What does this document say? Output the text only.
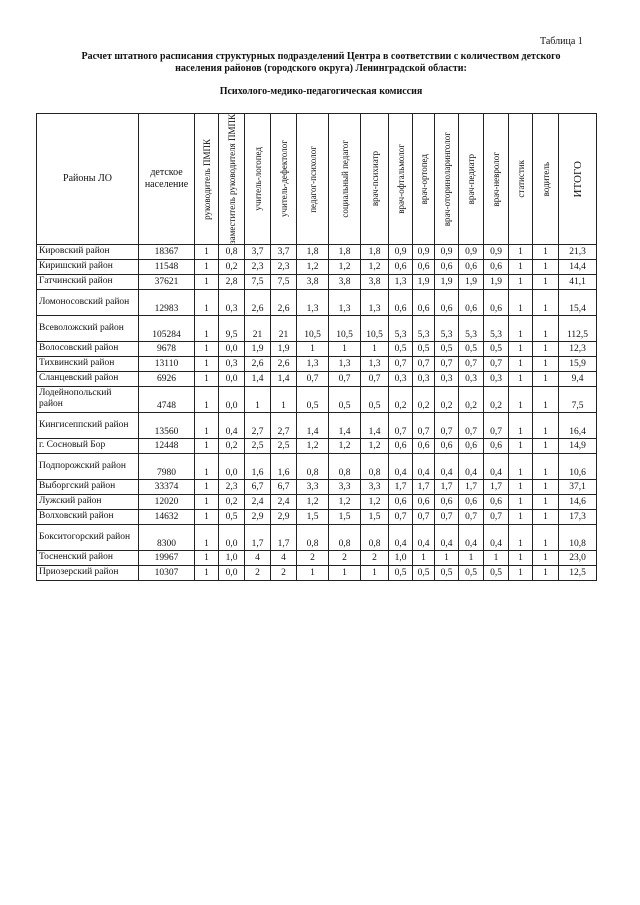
Таблица 1
Расчет штатного расписания структурных подразделений Центра в соответствии с количеством детского
населения районов (городского округа) Ленинградской области:
Психолого-медико-педагогическая комиссия
Районы ЛО	детское население	руководитель ПМПК	заместитель руководителя ПМПК	учитель-логопед	учитель-дефектолог	педагог-психолог	социальный педагог	врач-психиатр	врач-офтальмолог	врач-ортопед	врач-оториноларинголог	врач-педиатр	врач-невролог	статистик	водитель	ИТОГО

Кировский район	18367	1	0,8	3,7	3,7	1,8	1,8	1,8	0,9	0,9	0,9	0,9	0,9	1	1	21,3
Киришский район	11548	1	0,2	2,3	2,3	1,2	1,2	1,2	0,6	0,6	0,6	0,6	0,6	1	1	14,4
Гатчинский район	37621	1	2,8	7,5	7,5	3,8	3,8	3,8	1,3	1,9	1,9	1,9	1,9	1	1	41,1
Ломоносовский район	12983	1	0,3	2,6	2,6	1,3	1,3	1,3	0,6	0,6	0,6	0,6	0,6	1	1	15,4
Всеволожский район	105284	1	9,5	21	21	10,5	10,5	10,5	5,3	5,3	5,3	5,3	5,3	1	1	112,5
Волосовский район	9678	1	0,0	1,9	1,9	1	1	1	0,5	0,5	0,5	0,5	0,5	1	1	12,3
Тихвинский район	13110	1	0,3	2,6	2,6	1,3	1,3	1,3	0,7	0,7	0,7	0,7	0,7	1	1	15,9
Сланцевский район	6926	1	0,0	1,4	1,4	0,7	0,7	0,7	0,3	0,3	0,3	0,3	0,3	1	1	9,4
Лодейнопольский район	4748	1	0,0	1	1	0,5	0,5	0,5	0,2	0,2	0,2	0,2	0,2	1	1	7,5
Кингисеппский район	13560	1	0,4	2,7	2,7	1,4	1,4	1,4	0,7	0,7	0,7	0,7	0,7	1	1	16,4
г. Сосновый Бор	12448	1	0,2	2,5	2,5	1,2	1,2	1,2	0,6	0,6	0,6	0,6	0,6	1	1	14,9
Подпорожский район	7980	1	0,0	1,6	1,6	0,8	0,8	0,8	0,4	0,4	0,4	0,4	0,4	1	1	10,6
Выборгский район	33374	1	2,3	6,7	6,7	3,3	3,3	3,3	1,7	1,7	1,7	1,7	1,7	1	1	37,1
Лужский район	12020	1	0,2	2,4	2,4	1,2	1,2	1,2	0,6	0,6	0,6	0,6	0,6	1	1	14,6
Волховский район	14632	1	0,5	2,9	2,9	1,5	1,5	1,5	0,7	0,7	0,7	0,7	0,7	1	1	17,3
Бокситогорский район	8300	1	0,0	1,7	1,7	0,8	0,8	0,8	0,4	0,4	0,4	0,4	0,4	1	1	10,8
Тосненский район	19967	1	1,0	4	4	2	2	2	1,0	1	1	1	1	1	1	23,0
Приозерский район	10307	1	0,0	2	2	1	1	1	0,5	0,5	0,5	0,5	0,5	1	1	12,5
